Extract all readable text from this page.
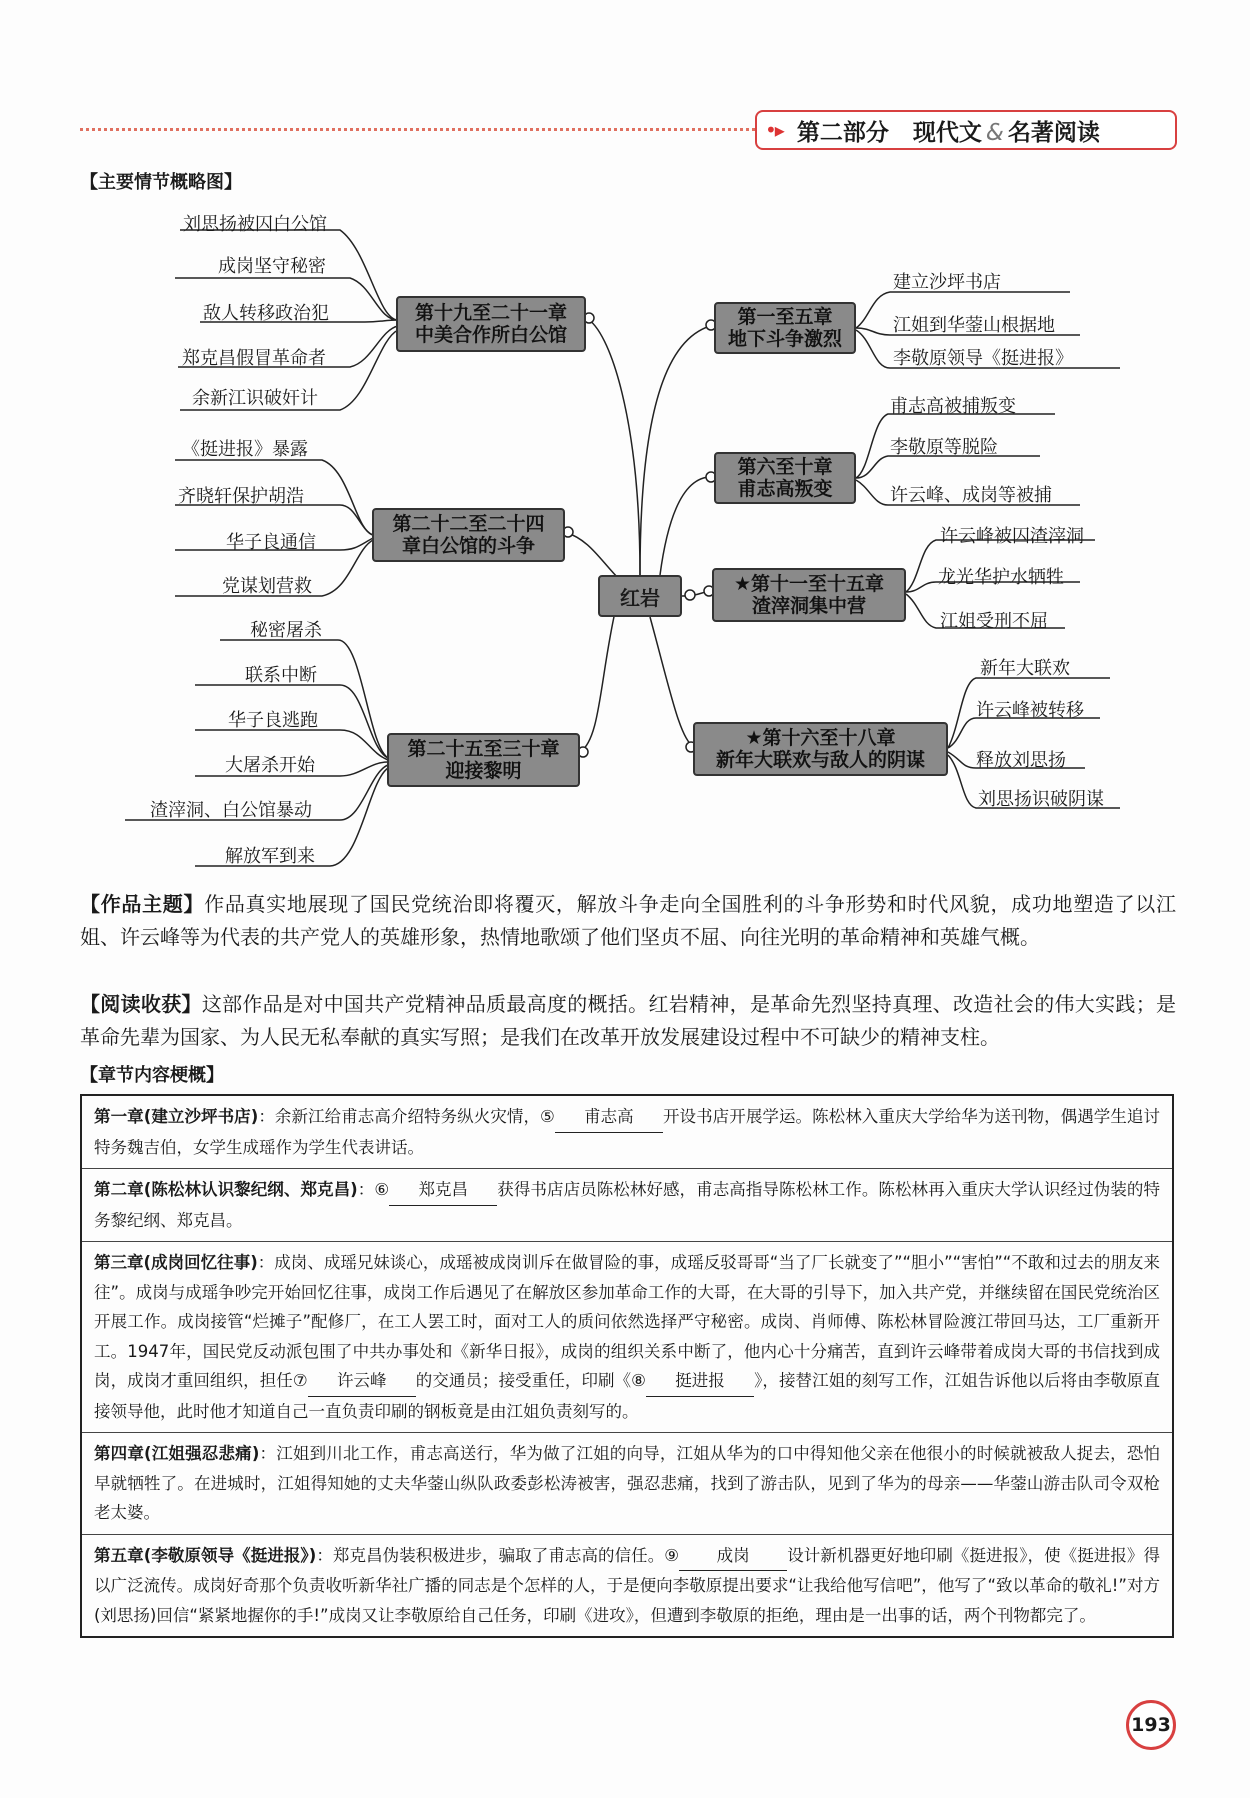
•▸ 第二部分 现代文 & 名著阅读
【主要情节概略图】
红岩
第十九至二十一章
中美合作所白公馆
第二十二至二十四
章白公馆的斗争
第二十五至三十章
迎接黎明
第一至五章
地下斗争激烈
第六至十章
甫志高叛变
★第十一至十五章
渣滓洞集中营
★第十六至十八章
新年大联欢与敌人的阴谋
刘思扬被囚白公馆
成岗坚守秘密
敌人转移政治犯
郑克昌假冒革命者
余新江识破奸计
《挺进报》暴露
齐晓轩保护胡浩
华子良通信
党谋划营救
秘密屠杀
联系中断
华子良逃跑
大屠杀开始
渣滓洞、白公馆暴动
解放军到来
建立沙坪书店
江姐到华蓥山根据地
李敬原领导《挺进报》
甫志高被捕叛变
李敬原等脱险
许云峰、成岗等被捕
许云峰被囚渣滓洞
龙光华护水牺牲
江姐受刑不屈
新年大联欢
许云峰被转移
释放刘思扬
刘思扬识破阴谋
【作品主题】作品真实地展现了国民党统治即将覆灭，解放斗争走向全国胜利的斗争形势和时代风貌，成功地塑造了以江姐、许云峰等为代表的共产党人的英雄形象，热情地歌颂了他们坚贞不屈、向往光明的革命精神和英雄气概。
【阅读收获】这部作品是对中国共产党精神品质最高度的概括。红岩精神，是革命先烈坚持真理、改造社会的伟大实践；是革命先辈为国家、为人民无私奉献的真实写照；是我们在改革开放发展建设过程中不可缺少的精神支柱。
【章节内容梗概】
第一章(建立沙坪书店)：余新江给甫志高介绍特务纵火灾情，⑤ 甫志高 开设书店开展学运。陈松林入重庆大学给华为送刊物，偶遇学生追讨特务魏吉伯，女学生成瑶作为学生代表讲话。
第二章(陈松林认识黎纪纲、郑克昌)：⑥ 郑克昌 获得书店店员陈松林好感，甫志高指导陈松林工作。陈松林再入重庆大学认识经过伪装的特务黎纪纲、郑克昌。
第三章(成岗回忆往事)：成岗、成瑶兄妹谈心，成瑶被成岗训斥在做冒险的事，成瑶反驳哥哥“当了厂长就变了”“胆小”“害怕”“不敢和过去的朋友来往”。成岗与成瑶争吵完开始回忆往事，成岗工作后遇见了在解放区参加革命工作的大哥，在大哥的引导下，加入共产党，并继续留在国民党统治区开展工作。成岗接管“烂摊子”配修厂，在工人罢工时，面对工人的质问依然选择严守秘密。成岗、肖师傅、陈松林冒险渡江带回马达，工厂重新开工。1947年，国民党反动派包围了中共办事处和《新华日报》，成岗的组织关系中断了，他内心十分痛苦，直到许云峰带着成岗大哥的书信找到成岗，成岗才重回组织，担任⑦ 许云峰 的交通员；接受重任，印刷《⑧ 挺进报 》，接替江姐的刻写工作，江姐告诉他以后将由李敬原直接领导他，此时他才知道自己一直负责印刷的钢板竟是由江姐负责刻写的。
第四章(江姐强忍悲痛)：江姐到川北工作，甫志高送行，华为做了江姐的向导，江姐从华为的口中得知他父亲在他很小的时候就被敌人捉去，恐怕早就牺牲了。在进城时，江姐得知她的丈夫华蓥山纵队政委彭松涛被害，强忍悲痛，找到了游击队，见到了华为的母亲——华蓥山游击队司令双枪老太婆。
第五章(李敬原领导《挺进报》)：郑克昌伪装积极进步，骗取了甫志高的信任。⑨ 成岗 设计新机器更好地印刷《挺进报》，使《挺进报》得以广泛流传。成岗好奇那个负责收听新华社广播的同志是个怎样的人，于是便向李敬原提出要求“让我给他写信吧”，他写了“致以革命的敬礼!”对方(刘思扬)回信“紧紧地握你的手!”成岗又让李敬原给自己任务，印刷《进攻》，但遭到李敬原的拒绝，理由是一出事的话，两个刊物都完了。
193
